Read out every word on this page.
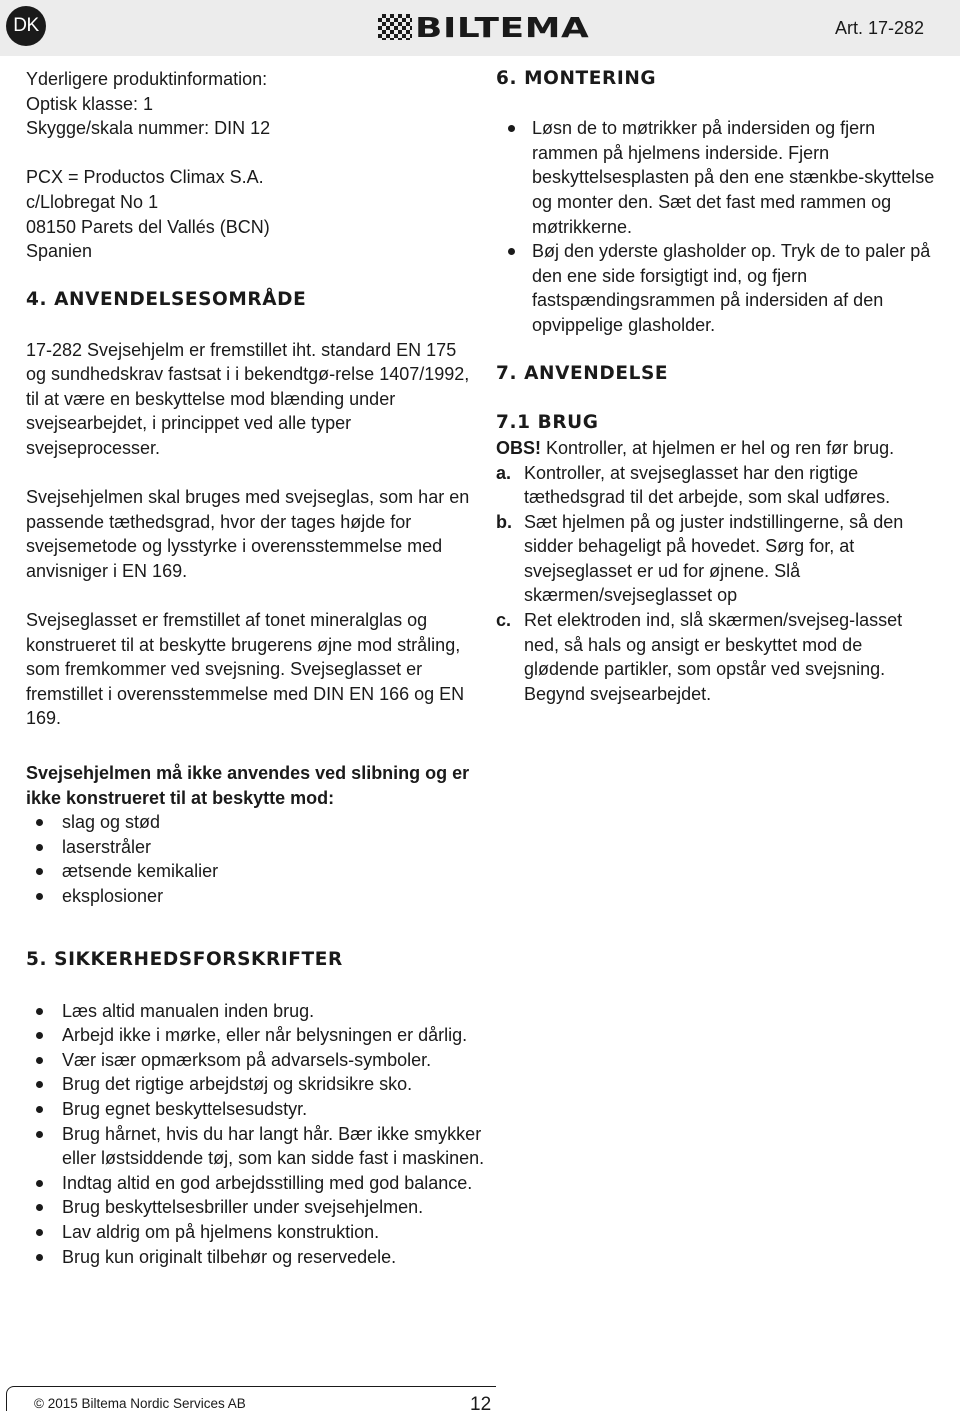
DK	BILTEMA	Art. 17-282

Yderligere produktinformation:

Optisk klasse: 1

Skygge/skala nummer: DIN 12

PCX = Productos Climax S.A.

c/Llobregat No 1

08150 Parets del Vallés (BCN)

Spanien

4. ANVENDELSESOMRÅDE

17-282 Svejsehjelm er fremstillet iht. standard EN 175 og sundhedskrav fastsat i i bekendtgø-relse 1407/1992, til at være en beskyttelse mod blænding under svejsearbejdet, i princippet ved alle typer svejseprocesser.

Svejsehjelmen skal bruges med svejseglas, som har en passende tæthedsgrad, hvor der tages højde for svejsemetode og lysstyrke i overensstemmelse med anvisniger i EN 169.

Svejseglasset er fremstillet af tonet mineralglas og konstrueret til at beskytte brugerens øjne mod stråling, som fremkommer ved svejsning. Svejseglasset er fremstillet i overensstemmelse med DIN EN 166 og EN 169.

Svejsehjelmen må ikke anvendes ved slibning og er ikke konstrueret til at beskytte mod:

slag og stød
laserstråler
ætsende kemikalier
eksplosioner

5. SIKKERHEDSFORSKRIFTER

Læs altid manualen inden brug.
Arbejd ikke i mørke, eller når belysningen er dårlig.
Vær især opmærksom på advarsels-symboler.
Brug det rigtige arbejdstøj og skridsikre sko.
Brug egnet beskyttelsesudstyr.
Brug hårnet, hvis du har langt hår. Bær ikke smykker eller løstsiddende tøj, som kan sidde fast i maskinen.
Indtag altid en god arbejdsstilling med god balance.
Brug beskyttelsesbriller under svejsehjelmen.
Lav aldrig om på hjelmens konstruktion.
Brug kun originalt tilbehør og reservedele.

6. MONTERING

Løsn de to møtrikker på indersiden og fjern rammen på hjelmens inderside. Fjern beskyttelsesplasten på den ene stænkbe-skyttelse og monter den. Sæt det fast med rammen og møtrikkerne.
Bøj den yderste glasholder op. Tryk de to paler på den ene side forsigtigt ind, og fjern fastspændingsrammen på indersiden af den opvippelige glasholder.

7. ANVENDELSE

7.1 BRUG

OBS! Kontroller, at hjelmen er hel og ren før brug.

a. Kontroller, at svejseglasset har den rigtige tæthedsgrad til det arbejde, som skal udføres.
b. Sæt hjelmen på og juster indstillingerne, så den sidder behageligt på hovedet. Sørg for, at svejseglasset er ud for øjnene. Slå skærmen/svejseglasset op
c. Ret elektroden ind, slå skærmen/svejseg-lasset ned, så hals og ansigt er beskyttet mod de glødende partikler, som opstår ved svejsning. Begynd svejsearbejdet.
© 2015 Biltema Nordic Services AB	12
